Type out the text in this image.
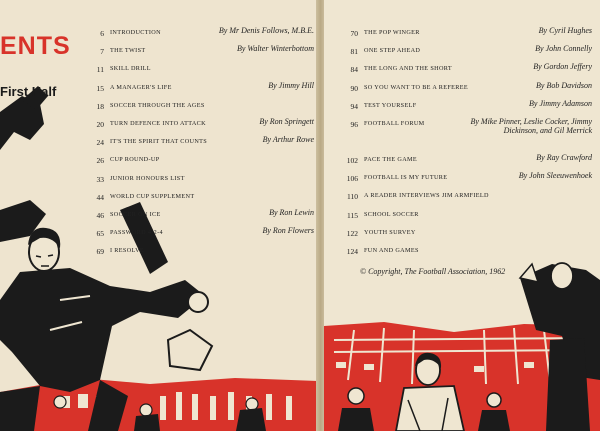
ENTS
First Half
6 INTRODUCTION	By Mr Denis Follows, M.B.E.
7 THE TWIST	By Walter Winterbottom
11 SKILL DRILL
15 A MANAGER'S LIFE	By Jimmy Hill
18 SOCCER THROUGH THE AGES
20 TURN DEFENCE INTO ATTACK	By Ron Springett
24 IT'S THE SPIRIT THAT COUNTS	By Arthur Rowe
26 CUP ROUND-UP
33 JUNIOR HONOURS LIST
44 WORLD CUP SUPPLEMENT
46 SOCCER ON ICE	By Ron Lewin
65 PASSWORD 4-2-4	By Ron Flowers
69 I RESOLVE
70 THE POP WINGER	By Cyril Hughes
81 ONE STEP AHEAD	By John Connelly
84 THE LONG AND THE SHORT	By Gordon Jeffery
90 SO YOU WANT TO BE A REFEREE	By Bob Davidson
94 TEST YOURSELF	By Jimmy Adamson
96 FOOTBALL FORUM	By Mike Pinner, Leslie Cocker, Jimmy Dickinson, and Gil Merrick
102 PACE THE GAME	By Ray Crawford
106 FOOTBALL IS MY FUTURE	By John Sleeuwenhoek
110 A READER INTERVIEWS JIM ARMFIELD
115 SCHOOL SOCCER
122 YOUTH SURVEY
124 FUN AND GAMES
© Copyright, The Football Association, 1962
